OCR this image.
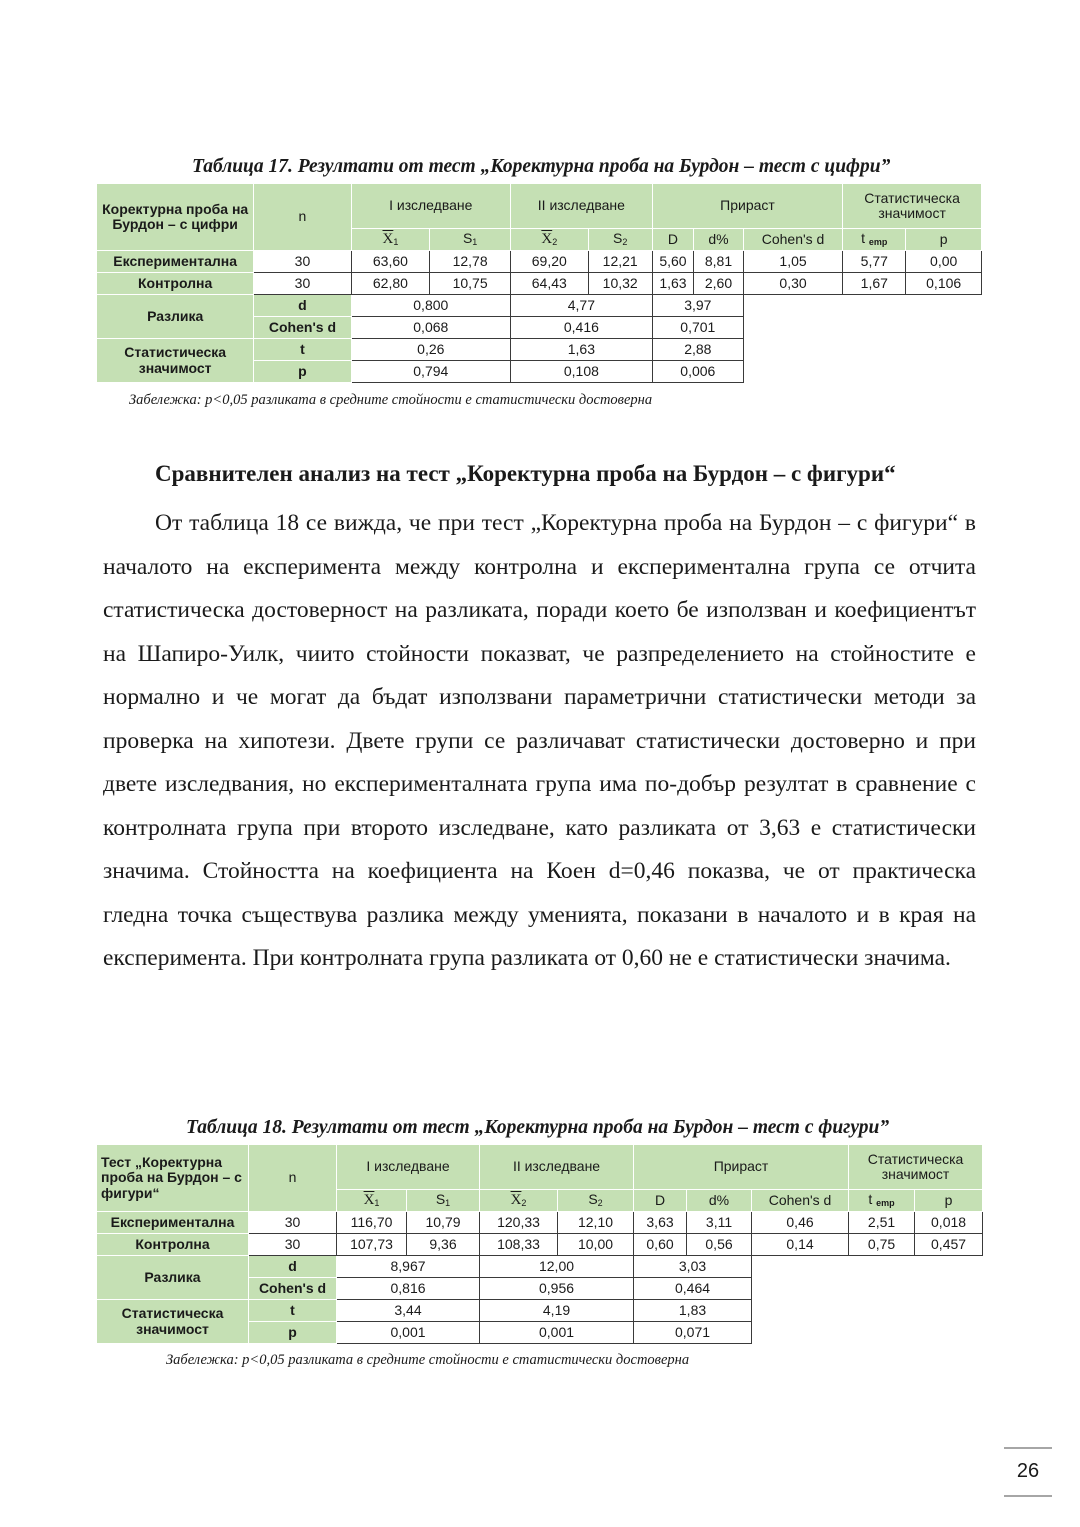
Таблица 17. Резултати от тест „Коректурна проба на Бурдон – тест с цифри”
Коректурна проба на Бурдон – с цифри	n	I изследване		II изследване		Прираст			Статистическа значимост	
		$\overline{X}_1$	$S_1$	$\overline{X}_2$	$S_2$	D	d%	Cohen's d	t emp	p
Експериментална	30	63,60	12,78	69,20	12,21	5,60	8,81	1,05	5,77	0,00
Контролна	30	62,80	10,75	64,43	10,32	1,63	2,60	0,30	1,67	0,106
Разлика	d	0,800		4,77		3,97				
	Cohen's d	0,068		0,416		0,701				
Статистическа значимост	t	0,26		1,63		2,88				
	p	0,794		0,108		0,006				
Забележка: p<0,05 разликата в средните стойности е статистически достоверна
Сравнителен анализ на тест „Коректурна проба на Бурдон – с фигури“

От таблица 18 се вижда, че при тест „Коректурна проба на Бурдон – с фигури“ в началото на експеримента между контролна и експериментална група се отчита статистическа достоверност на разликата, поради което бе използван и коефициентът на Шапиро-Уилк, чиито стойности показват, че разпределението на стойностите е нормално и че могат да бъдат използвани параметрични статистически методи за проверка на хипотези. Двете групи се различават статистически достоверно и при двете изследвания, но експерименталната група има по-добър резултат в сравнение с контролната група при второто изследване, като разликата от 3,63 е статистически значима. Стойността на коефициента на Коен d=0,46 показва, че от практическа гледна точка съществува разлика между уменията, показани в началото и в края на експеримента. При контролната група разликата от 0,60 не е статистически значима.

Таблица 18. Резултати от тест „Коректурна проба на Бурдон – тест с фигури”
Тест „Коректурна проба на Бурдон – с фигури“	n	I изследване		II изследване		Прираст			Статистическа значимост	
		$\overline{X}_1$	$S_1$	$\overline{X}_2$	$S_2$	D	d%	Cohen's d	t emp	p
Експериментална	30	116,70	10,79	120,33	12,10	3,63	3,11	0,46	2,51	0,018
Контролна	30	107,73	9,36	108,33	10,00	0,60	0,56	0,14	0,75	0,457
Разлика	d	8,967		12,00		3,03				
	Cohen's d	0,816		0,956		0,464				
Статистическа значимост	t	3,44		4,19		1,83				
	p	0,001		0,001		0,071				
Забележка: p<0,05 разликата в средните стойности е статистически достоверна
26
